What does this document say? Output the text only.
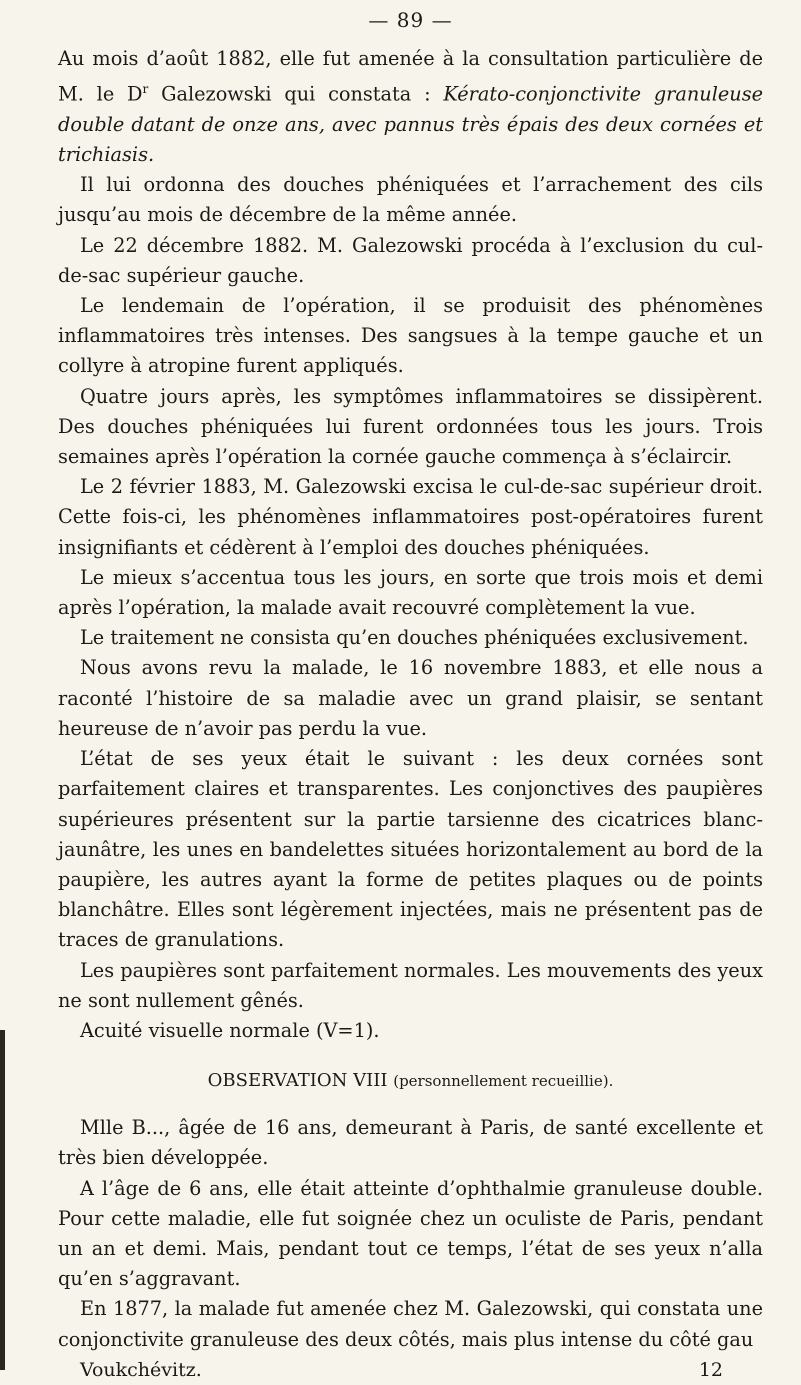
— 89 —

Au mois d’août 1882, elle fut amenée à la consultation particulière de M. le $D^r$ Galezowski qui constata : Kérato-conjonctivite granuleuse double datant de onze ans, avec pannus très épais des deux cornées et trichiasis.

Il lui ordonna des douches phéniquées et l’arrachement des cils jusqu’au mois de décembre de la même année.

Le 22 décembre 1882. M. Galezowski procéda à l’exclusion du cul-de-sac supérieur gauche.

Le lendemain de l’opération, il se produisit des phénomènes inflammatoires très intenses. Des sangsues à la tempe gauche et un collyre à atropine furent appliqués.

Quatre jours après, les symptômes inflammatoires se dissipèrent. Des douches phéniquées lui furent ordonnées tous les jours. Trois semaines après l’opération la cornée gauche commença à s’éclaircir.

Le 2 février 1883, M. Galezowski excisa le cul-de-sac supérieur droit. Cette fois-ci, les phénomènes inflammatoires post-opératoires furent insignifiants et cédèrent à l’emploi des douches phéniquées.

Le mieux s’accentua tous les jours, en sorte que trois mois et demi après l’opération, la malade avait recouvré complètement la vue.

Le traitement ne consista qu’en douches phéniquées exclusivement.

Nous avons revu la malade, le 16 novembre 1883, et elle nous a raconté l’histoire de sa maladie avec un grand plaisir, se sentant heureuse de n’avoir pas perdu la vue.

L’état de ses yeux était le suivant : les deux cornées sont parfaitement claires et transparentes. Les conjonctives des paupières supérieures présentent sur la partie tarsienne des cicatrices blanc-jaunâtre, les unes en bandelettes situées horizontalement au bord de la paupière, les autres ayant la forme de petites plaques ou de points blanchâtre. Elles sont légèrement injectées, mais ne présentent pas de traces de granulations.

Les paupières sont parfaitement normales. Les mouvements des yeux ne sont nullement gênés.

Acuité visuelle normale (V=1).

OBSERVATION VIII (personnellement recueillie).

Mlle B..., âgée de 16 ans, demeurant à Paris, de santé excellente et très bien développée.

A l’âge de 6 ans, elle était atteinte d’ophthalmie granuleuse double. Pour cette maladie, elle fut soignée chez un oculiste de Paris, pendant un an et demi. Mais, pendant tout ce temps, l’état de ses yeux n’alla qu’en s’aggravant.

En 1877, la malade fut amenée chez M. Galezowski, qui constata une conjonctivite granuleuse des deux côtés, mais plus intense du côté gau

Voukchévitz.	12
